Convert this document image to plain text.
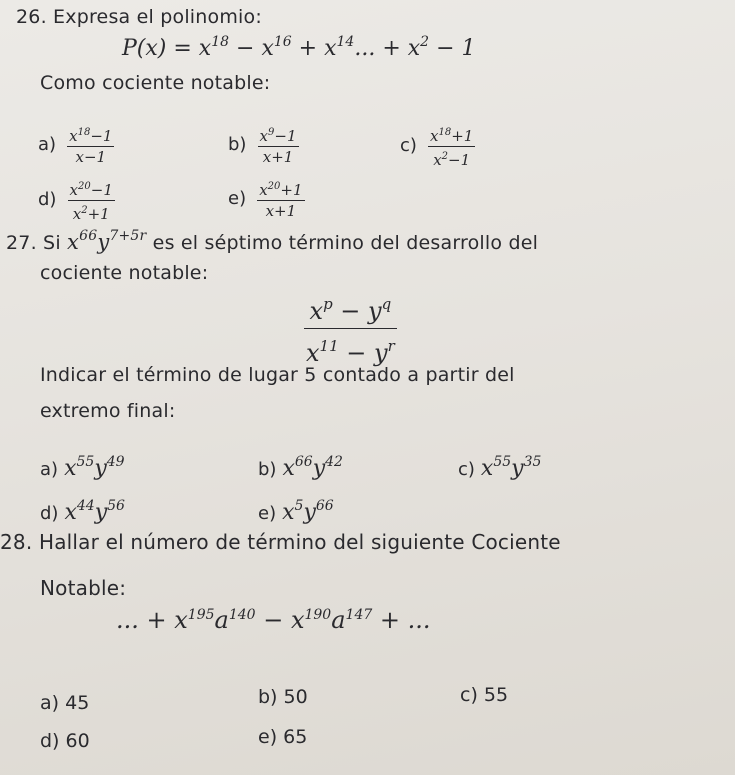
26. Expresa el polinomio:
$P(x) = x^{18} - x^{16} + x^{14}$... + $x^2 - 1$
Como cociente notable:
$a) \frac{x^{18}-1}{x-1}$	$b) \frac{x^9-1}{x+1}$	$c) \frac{x^{18}+1}{x^2-1}$
$d) \frac{x^{20}-1}{x^2+1}$	$e) \frac{x^{20}+1}{x+1}$
27. Si $x^{66}y^{7+5r}$ es el séptimo término del desarrollo del
cociente notable:
$\frac{x^p - y^q}{x^{11} - y^r}$
Indicar el término de lugar 5 contado a partir del
extremo final:
a) $x^{55}y^{49}$	b) $x^{66}y^{42}$	c) $x^{55}y^{35}$
d) $x^{44}y^{56}$	e) $x^5y^{66}$
28. Hallar el número de término del siguiente Cociente
Notable:
... + $x^{195}a^{140} - x^{190}a^{147}$ + ...
a) 45	b) 50	c) 55
d) 60	e) 65
